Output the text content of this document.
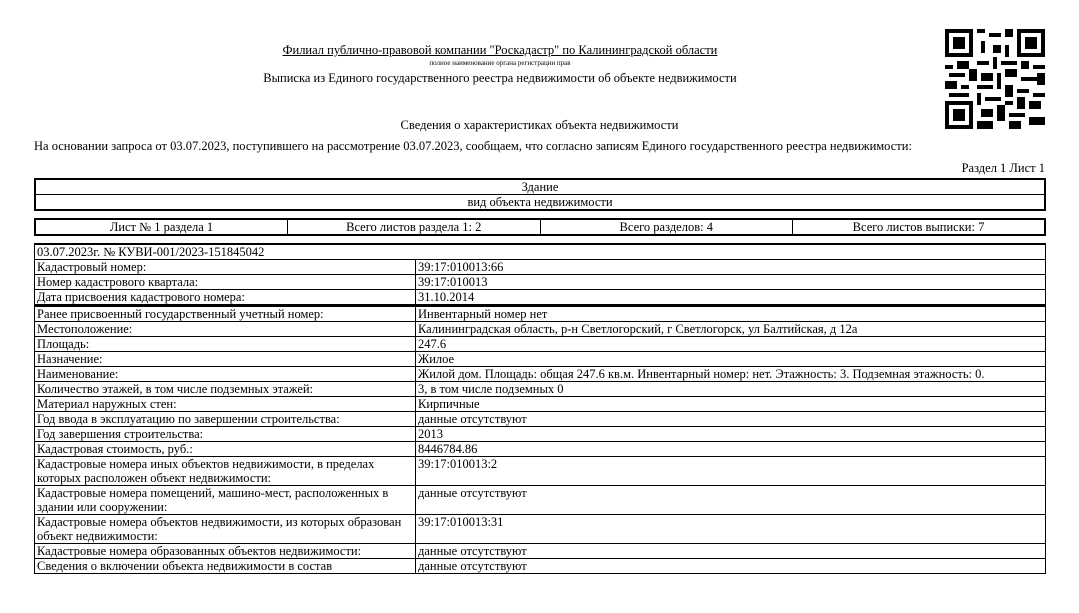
Филиал публично-правовой компании "Роскадастр" по Калининградской области
полное наименование органа регистрации прав
Выписка из Единого государственного реестра недвижимости об объекте недвижимости
Сведения о характеристиках объекта недвижимости
На основании запроса от 03.07.2023, поступившего на рассмотрение 03.07.2023, сообщаем, что согласно записям Единого государственного реестра недвижимости:
Раздел 1 Лист 1
Здание
вид объекта недвижимости
Лист № 1 раздела 1	Всего листов раздела 1: 2	Всего разделов: 4	Всего листов выписки: 7
03.07.2023г. № КУВИ-001/2023-151845042	
Кадастровый номер:	39:17:010013:66
Номер кадастрового квартала:	39:17:010013
Дата присвоения кадастрового номера:	31.10.2014
Ранее присвоенный государственный учетный номер:	Инвентарный номер нет
Местоположение:	Калининградская область, р-н Светлогорский, г Светлогорск, ул Балтийская, д 12а
Площадь:	247.6
Назначение:	Жилое
Наименование:	Жилой дом. Площадь: общая 247.6 кв.м. Инвентарный номер: нет. Этажность: 3. Подземная этажность: 0.
Количество этажей, в том числе подземных этажей:	3, в том числе подземных 0
Материал наружных стен:	Кирпичные
Год ввода в эксплуатацию по завершении строительства:	данные отсутствуют
Год завершения строительства:	2013
Кадастровая стоимость, руб.:	8446784.86
Кадастровые номера иных объектов недвижимости, в пределах которых расположен объект недвижимости:	39:17:010013:2
Кадастровые номера помещений, машино-мест, расположенных в здании или сооружении:	данные отсутствуют
Кадастровые номера объектов недвижимости, из которых образован объект недвижимости:	39:17:010013:31
Кадастровые номера образованных объектов недвижимости:	данные отсутствуют
Сведения о включении объекта недвижимости в состав	данные отсутствуют
